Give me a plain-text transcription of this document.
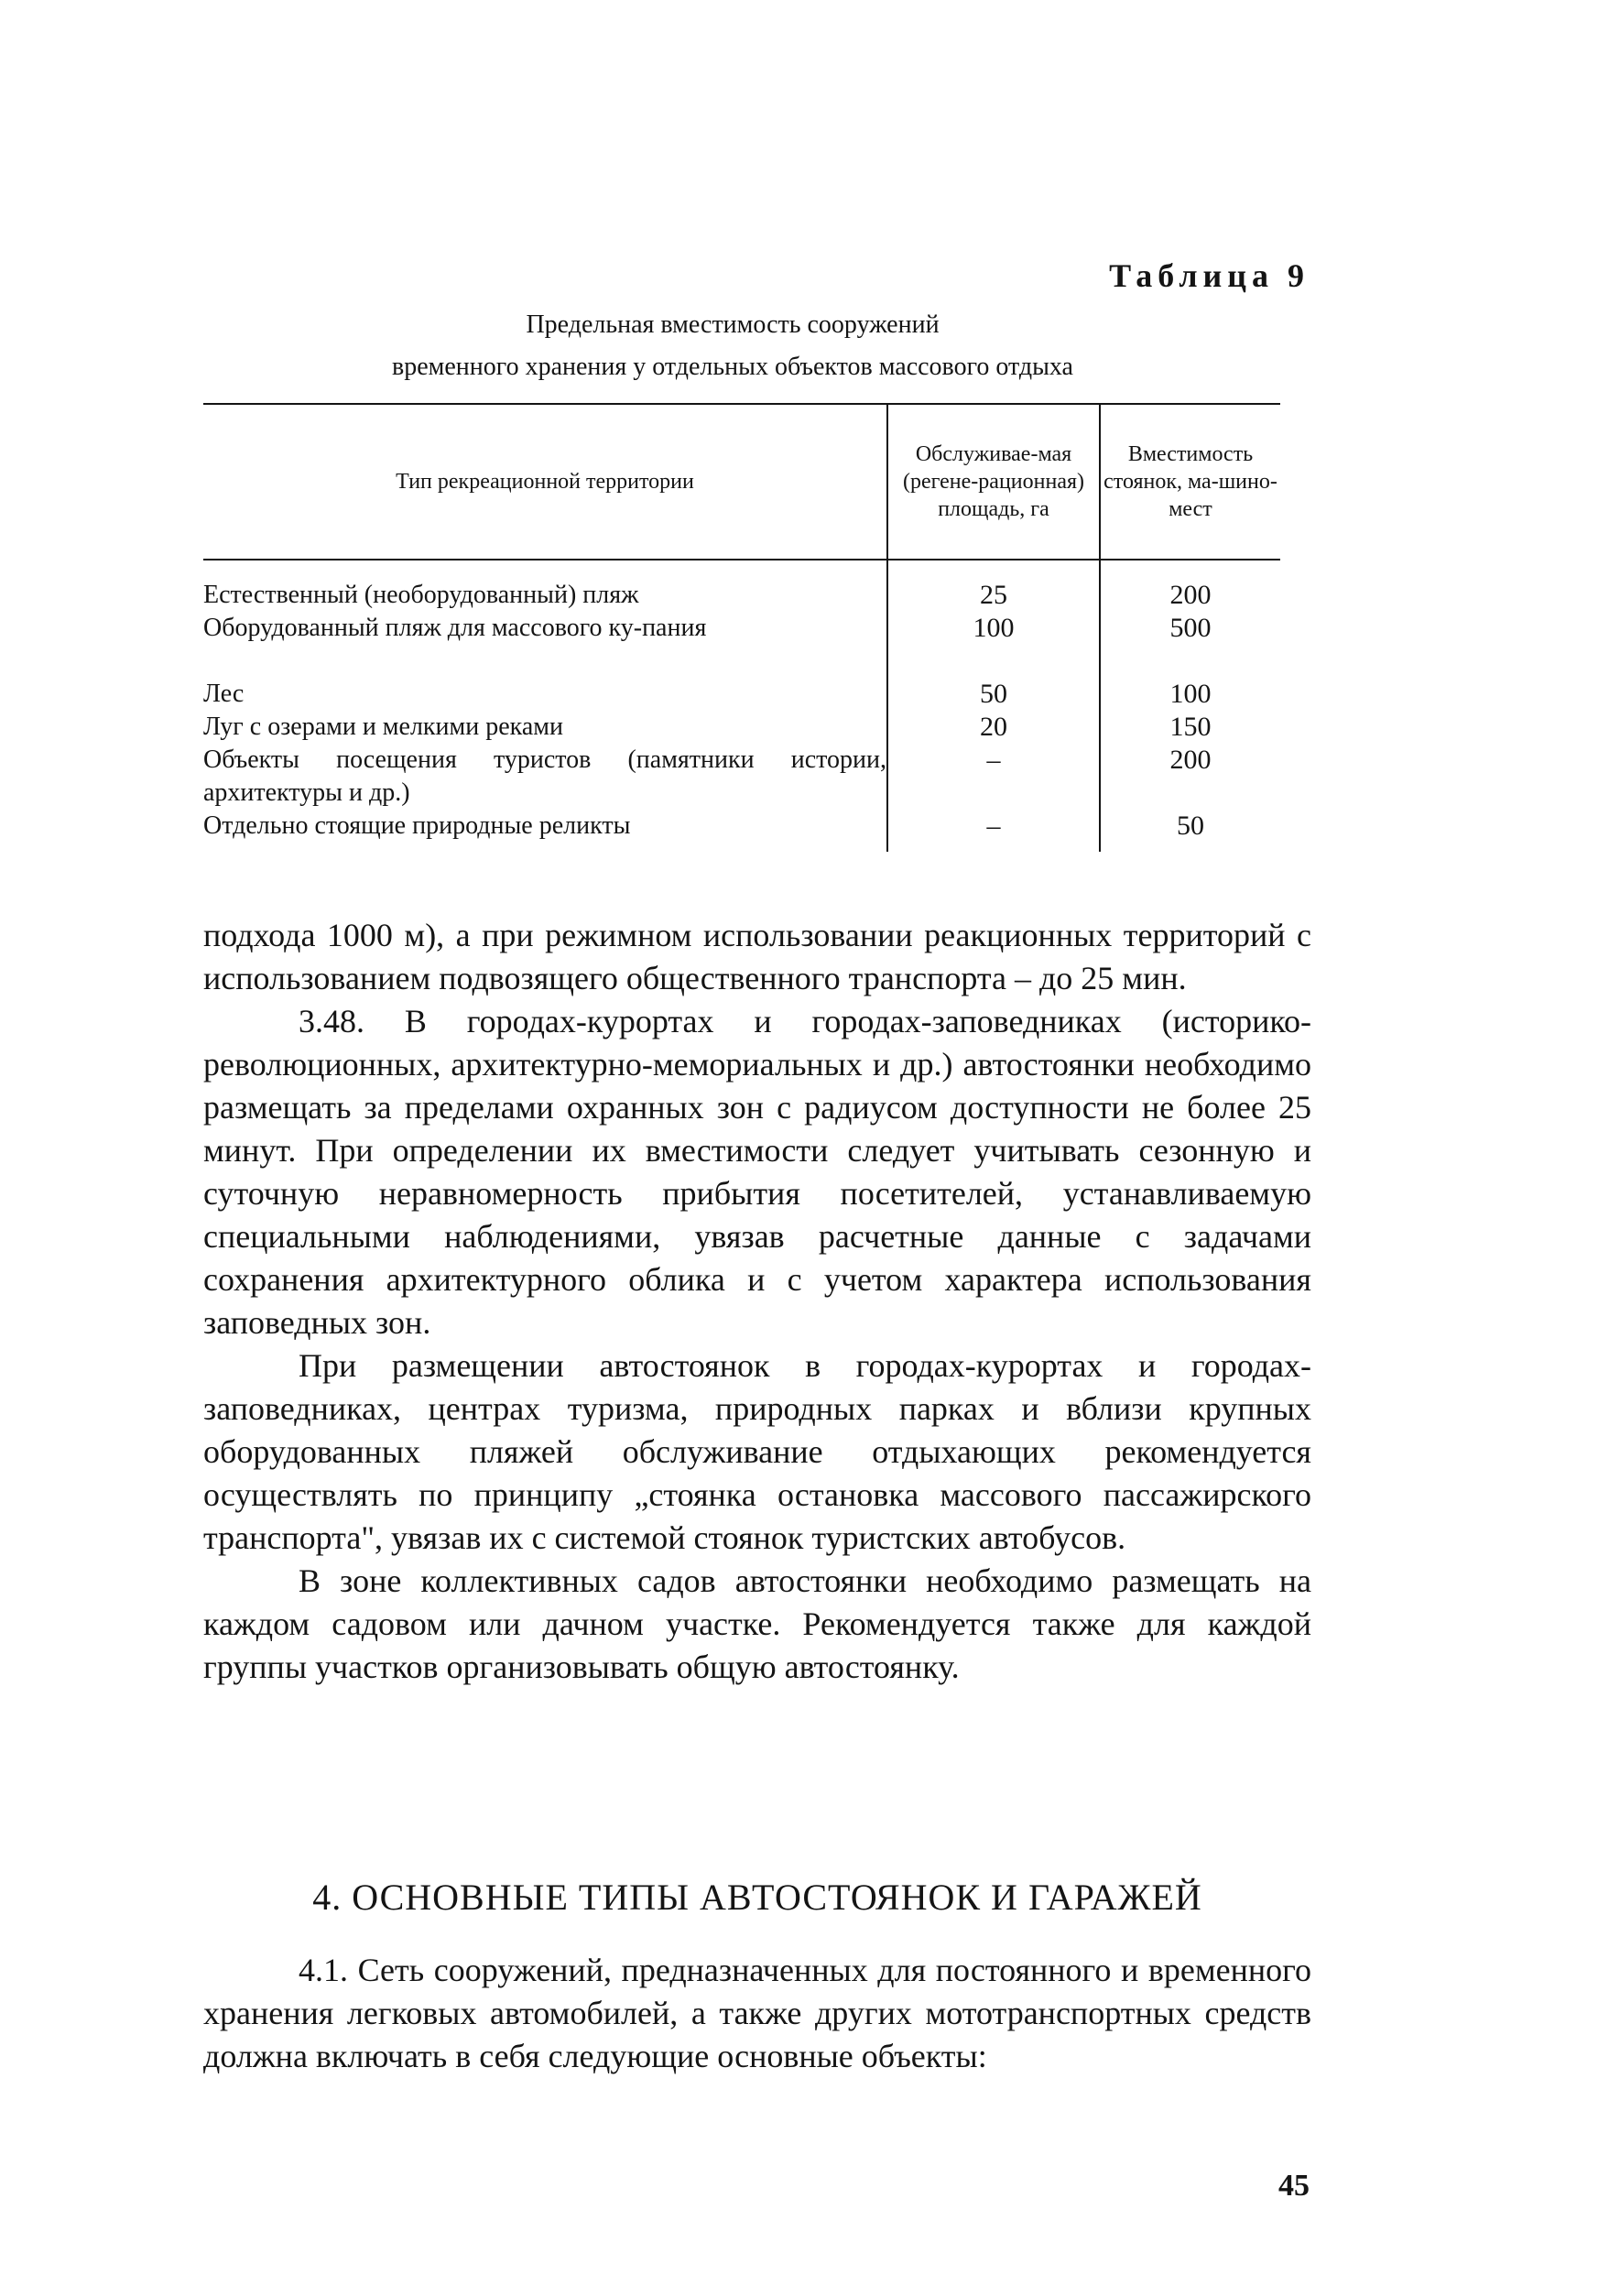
Таблица 9
Предельная вместимость сооружений
временного хранения у отдельных объектов массового отдыха
Тип рекреационной территории
Обслуживае-мая (регене-рационная) площадь, га
Вместимость стоянок, ма-шино-мест
Естественный (необорудованный) пляж
Оборудованный пляж для массового ку-пания
Лес
Луг с озерами и мелкими реками
Объекты посещения туристов (памятники истории, архитектуры и др.)
Отдельно стоящие природные реликты
25
100
50
20
–
–
200
500
100
150
200
50

подхода 1000 м), а при режимном использовании реакционных территорий с использованием подвозящего общественного транспорта – до 25 мин.

3.48. В городах-курортах и городах-заповедниках (историко-революционных, архитектурно-мемориальных и др.) автостоянки необходимо размещать за пределами охранных зон с радиусом доступности не более 25 минут. При определении их вместимости следует учитывать сезонную и суточную неравномерность прибытия посетителей, устанавливаемую специальными наблюдениями, увязав расчетные данные с задачами сохранения архитектурного облика и с учетом характера использования заповедных зон.

При размещении автостоянок в городах-курортах и городах-заповедниках, центрах туризма, природных парках и вблизи крупных оборудованных пляжей обслуживание отдыхающих рекомендуется осуществлять по принципу „стоянка остановка массового пассажирского транспорта", увязав их с системой стоянок туристских автобусов.

В зоне коллективных садов автостоянки необходимо размещать на каждом садовом или дачном участке. Рекомендуется также для каждой группы участков организовывать общую автостоянку.

4. ОСНОВНЫЕ ТИПЫ АВТОСТОЯНОК И ГАРАЖЕЙ

4.1. Сеть сооружений, предназначенных для постоянного и временного хранения легковых автомобилей, а также других мототранспортных средств должна включать в себя следующие основные объекты:

45
